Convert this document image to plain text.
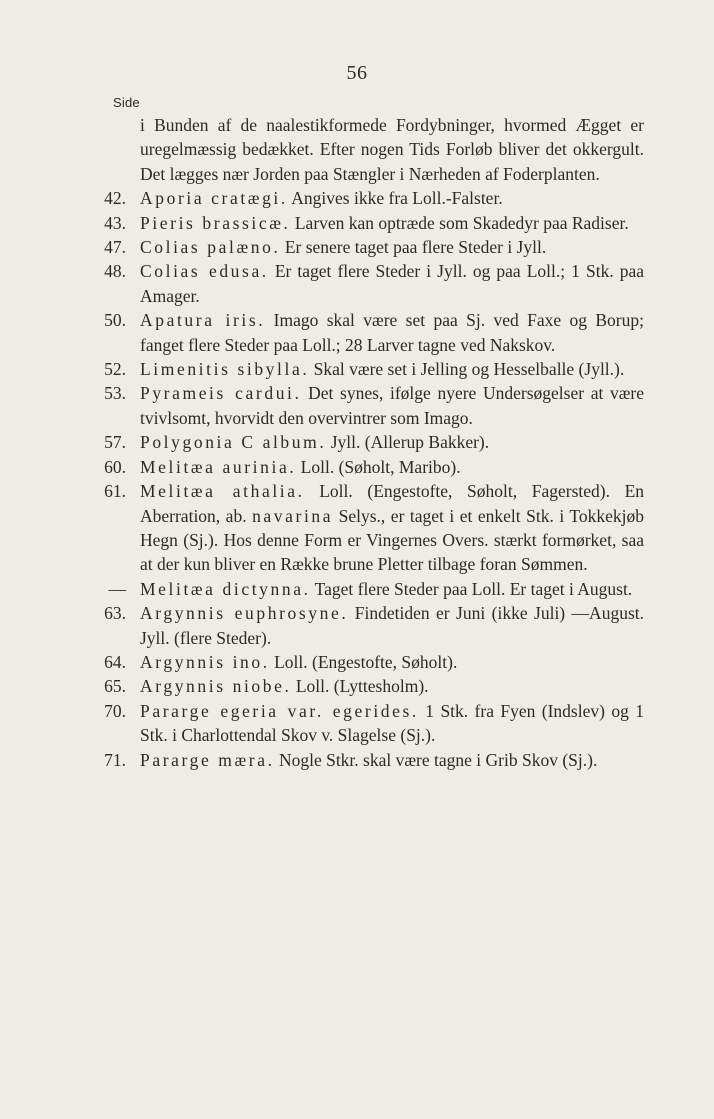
56
Side
i Bunden af de naalestikformede Fordybninger, hvormed Ægget er uregelmæssig bedækket. Efter nogen Tids Forløb bliver det okkergult. Det lægges nær Jorden paa Stængler i Nærheden af Foderplanten.
42. Aporia cratægi. Angives ikke fra Loll.-Falster.
43. Pieris brassicæ. Larven kan optræde som Skadedyr paa Radiser.
47. Colias palæno. Er senere taget paa flere Steder i Jyll.
48. Colias edusa. Er taget flere Steder i Jyll. og paa Loll.; 1 Stk. paa Amager.
50. Apatura iris. Imago skal være set paa Sj. ved Faxe og Borup; fanget flere Steder paa Loll.; 28 Larver tagne ved Nakskov.
52. Limenitis sibylla. Skal være set i Jelling og Hesselballe (Jyll.).
53. Pyrameis cardui. Det synes, ifølge nyere Undersøgelser at være tvivlsomt, hvorvidt den overvintrer som Imago.
57. Polygonia C album. Jyll. (Allerup Bakker).
60. Melitæa aurinia. Loll. (Søholt, Maribo).
61. Melitæa athalia. Loll. (Engestofte, Søholt, Fagersted). En Aberration, ab. navarina Selys., er taget i et enkelt Stk. i Tokkekjøb Hegn (Sj.). Hos denne Form er Vingernes Overs. stærkt formørket, saa at der kun bliver en Række brune Pletter tilbage foran Sømmen.
— Melitæa dictynna. Taget flere Steder paa Loll. Er taget i August.
63. Argynnis euphrosyne. Findetiden er Juni (ikke Juli) —August. Jyll. (flere Steder).
64. Argynnis ino. Loll. (Engestofte, Søholt).
65. Argynnis niobe. Loll. (Lyttesholm).
70. Pararge egeria var. egerides. 1 Stk. fra Fyen (Indslev) og 1 Stk. i Charlottendal Skov v. Slagelse (Sj.).
71. Pararge mæra. Nogle Stkr. skal være tagne i Grib Skov (Sj.).
